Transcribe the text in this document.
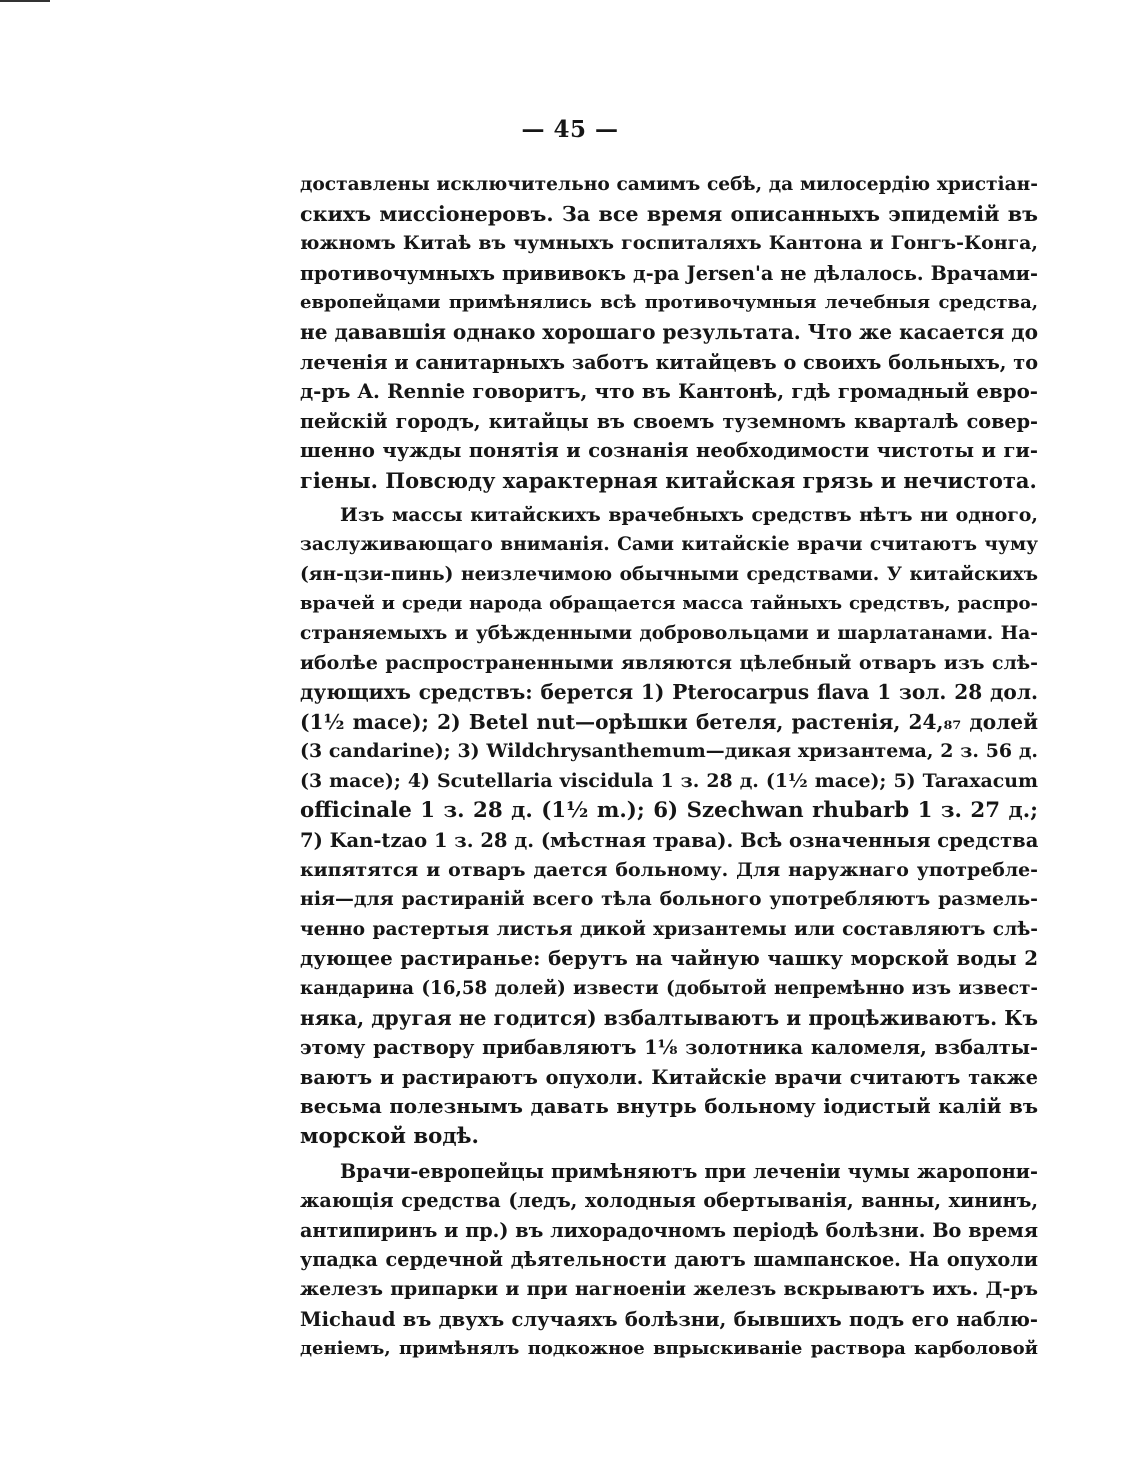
— 45 —
доставлены исключительно самимъ себѣ, да милосердію христіан-
скихъ миссіонеровъ. За все время описанныхъ эпидемій въ
южномъ Китаѣ въ чумныхъ госпиталяхъ Кантона и Гонгъ-Конга,
противочумныхъ прививокъ д-ра Jersen'a не дѣлалось. Врачами-
европейцами примѣнялись всѣ противочумныя лечебныя средства,
не дававшія однако хорошаго результата. Что же касается до
леченія и санитарныхъ заботъ китайцевъ о своихъ больныхъ, то
д-ръ A. Rennie говоритъ, что въ Кантонѣ, гдѣ громадный евро-
пейскій городъ, китайцы въ своемъ туземномъ кварталѣ совер-
шенно чужды понятія и сознанія необходимости чистоты и ги-
гіены. Повсюду характерная китайская грязь и нечистота.
Изъ массы китайскихъ врачебныхъ средствъ нѣтъ ни одного,
заслуживающаго вниманія. Сами китайскіе врачи считаютъ чуму
(ян-цзи-пинь) неизлечимою обычными средствами. У китайскихъ
врачей и среди народа обращается масса тайныхъ средствъ, распро-
страняемыхъ и убѣжденными добровольцами и шарлатанами. На-
иболѣе распространенными являются цѣлебный отваръ изъ слѣ-
дующихъ средствъ: берется 1) Pterocarpus flava 1 зол. 28 дол.
(1½ mace); 2) Betel nut—орѣшки бетеля, растенія, 24,₈₇ долей
(3 candarine); 3) Wildchrysanthemum—дикая хризантема, 2 з. 56 д.
(3 mace); 4) Scutellaria viscidula 1 з. 28 д. (1½ mace); 5) Taraxacum
officinale 1 з. 28 д. (1½ m.); 6) Szechwan rhubarb 1 з. 27 д.;
7) Kan-tzao 1 з. 28 д. (мѣстная трава). Всѣ означенныя средства
кипятятся и отваръ дается больному. Для наружнаго употребле-
нія—для растираній всего тѣла больного употребляютъ размель-
ченно растертыя листья дикой хризантемы или составляютъ слѣ-
дующее растиранье: берутъ на чайную чашку морской воды 2
кандарина (16,58 долей) извести (добытой непремѣнно изъ извест-
няка, другая не годится) взбалтываютъ и процѣживаютъ. Къ
этому раствору прибавляютъ 1⅛ золотника каломеля, взбалты-
ваютъ и растираютъ опухоли. Китайскіе врачи считаютъ также
весьма полезнымъ давать внутрь больному іодистый калій въ
морской водѣ.
Врачи-европейцы примѣняютъ при леченіи чумы жаропони-
жающія средства (ледъ, холодныя обертыванія, ванны, хининъ,
антипиринъ и пр.) въ лихорадочномъ періодѣ болѣзни. Во время
упадка сердечной дѣятельности даютъ шампанское. На опухоли
железъ припарки и при нагноеніи железъ вскрываютъ ихъ. Д-ръ
Michaud въ двухъ случаяхъ болѣзни, бывшихъ подъ его наблю-
деніемъ, примѣнялъ подкожное впрыскиваніе раствора карболовой
